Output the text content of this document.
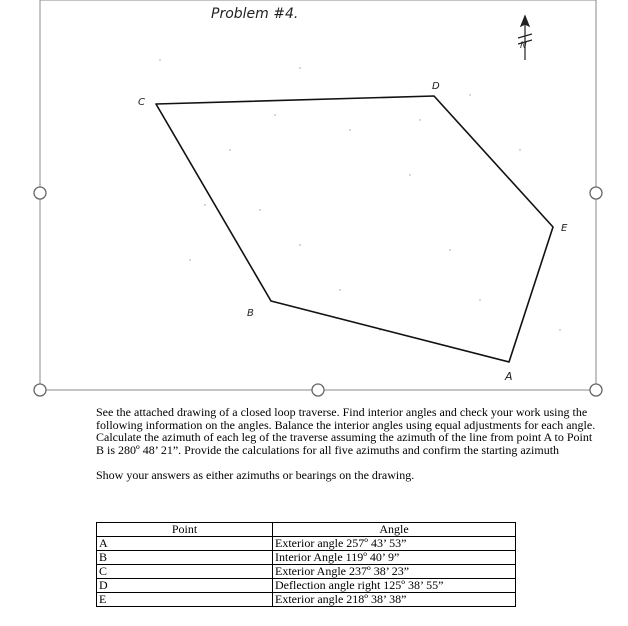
Problem #4.
N
C
D
E
B
A

See the attached drawing of a closed loop traverse. Find interior angles and check your work using the following information on the angles. Balance the interior angles using equal adjustments for each angle. Calculate the azimuth of each leg of the traverse assuming the azimuth of the line from point A to Point B is 280º 48’ 21”. Provide the calculations for all five azimuths and confirm the starting azimuth

Show your answers as either azimuths or bearings on the drawing.

Point	Angle
A	Exterior angle 257º 43’ 53”
B	Interior Angle 119º 40’ 9”
C	Exterior Angle 237º 38’ 23”
D	Deflection angle right 125º 38’ 55”
E	Exterior angle 218º 38’ 38”
